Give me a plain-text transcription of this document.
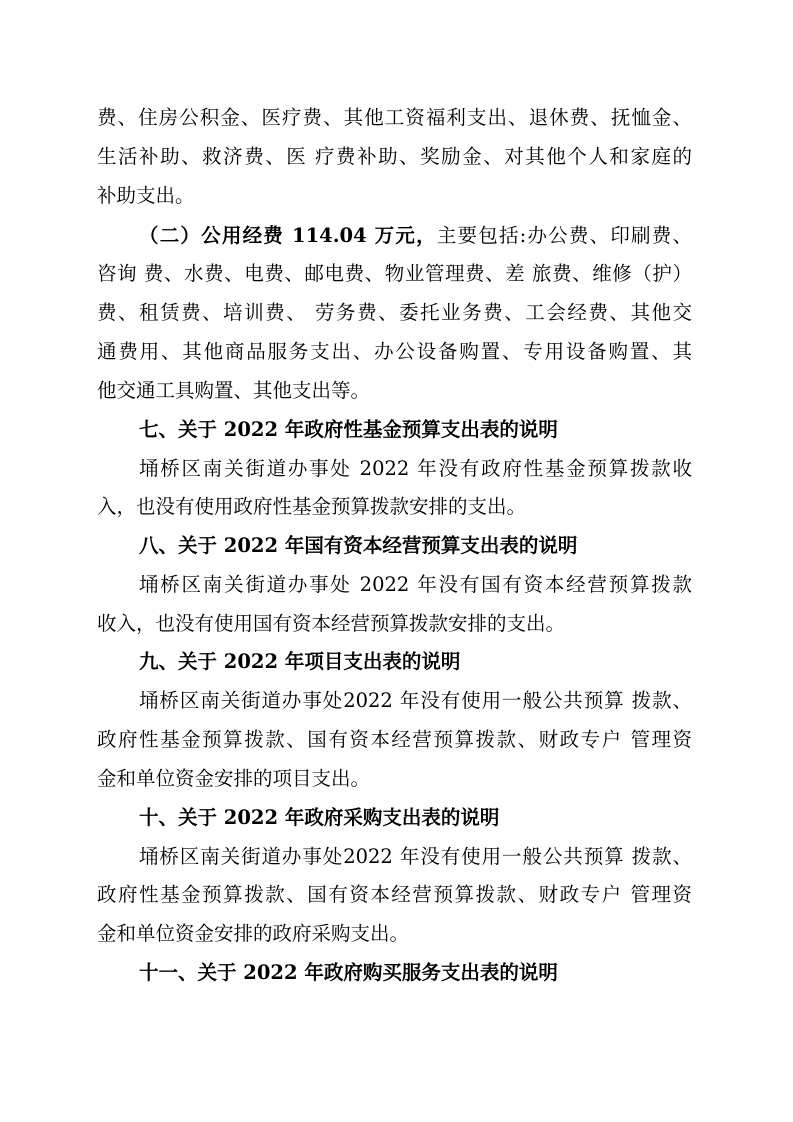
费、住房公积金、医疗费、其他工资福利支出、退休费、抚恤金、
生活补助、救济费、医 疗费补助、奖励金、对其他个人和家庭的
补助支出。
（二）公用经费 114.04 万元，主要包括:办公费、印刷费、
咨询 费、水费、电费、邮电费、物业管理费、差 旅费、维修（护）
费、租赁费、培训费、 劳务费、委托业务费、工会经费、其他交
通费用、其他商品服务支出、办公设备购置、专用设备购置、其
他交通工具购置、其他支出等。
七、关于 2022 年政府性基金预算支出表的说明
埇桥区南关街道办事处 2022 年没有政府性基金预算拨款收
入，也没有使用政府性基金预算拨款安排的支出。
八、关于 2022 年国有资本经营预算支出表的说明
埇桥区南关街道办事处 2022 年没有国有资本经营预算拨款
收入，也没有使用国有资本经营预算拨款安排的支出。
九、关于 2022 年项目支出表的说明
埇桥区南关街道办事处2022 年没有使用一般公共预算 拨款、
政府性基金预算拨款、国有资本经营预算拨款、财政专户 管理资
金和单位资金安排的项目支出。
十、关于 2022 年政府采购支出表的说明
埇桥区南关街道办事处2022 年没有使用一般公共预算 拨款、
政府性基金预算拨款、国有资本经营预算拨款、财政专户 管理资
金和单位资金安排的政府采购支出。
十一、关于 2022 年政府购买服务支出表的说明
